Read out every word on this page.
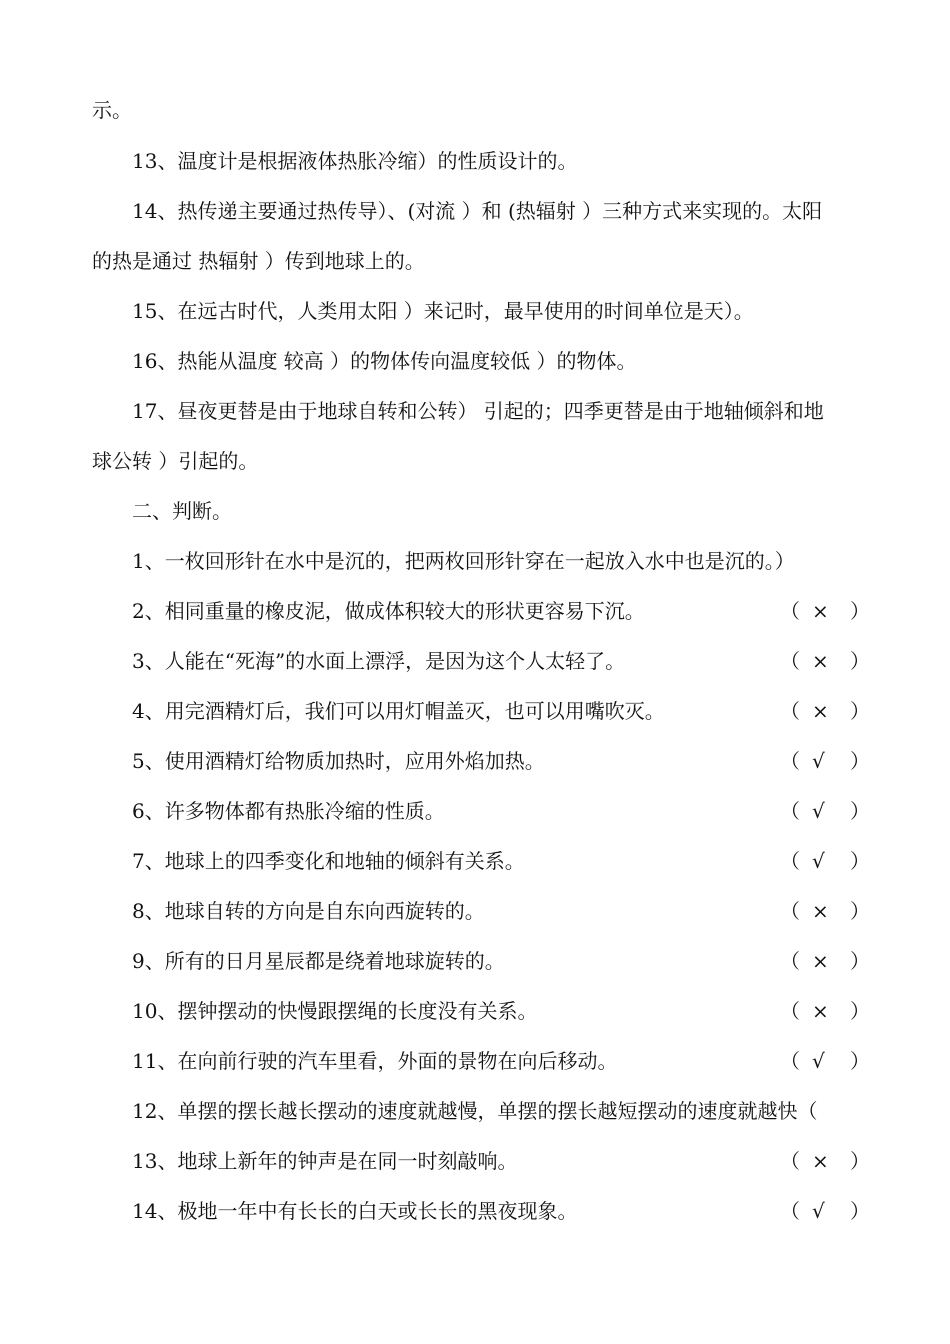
示。
13、温度计是根据液体热胀冷缩）的性质设计的。
14、热传递主要通过热传导）、(对流 ）和 (热辐射 ）三种方式来实现的。太阳
的热是通过 热辐射 ）传到地球上的。
15、在远古时代，人类用太阳 ）来记时，最早使用的时间单位是天）。
16、热能从温度 较高 ）的物体传向温度较低 ）的物体。
17、昼夜更替是由于地球自转和公转） 引起的；四季更替是由于地轴倾斜和地
球公转 ）引起的。
二、判断。
1、一枚回形针在水中是沉的，把两枚回形针穿在一起放入水中也是沉的。）
2、相同重量的橡皮泥，做成体积较大的形状更容易下沉。	（ × ）
3、人能在“死海”的水面上漂浮，是因为这个人太轻了。	（ × ）
4、用完酒精灯后，我们可以用灯帽盖灭，也可以用嘴吹灭。	（ × ）
5、使用酒精灯给物质加热时，应用外焰加热。	（ √ ）
6、许多物体都有热胀冷缩的性质。	（ √ ）
7、地球上的四季变化和地轴的倾斜有关系。	（ √ ）
8、地球自转的方向是自东向西旋转的。	（ × ）
9、所有的日月星辰都是绕着地球旋转的。	（ × ）
10、摆钟摆动的快慢跟摆绳的长度没有关系。	（ × ）
11、在向前行驶的汽车里看，外面的景物在向后移动。	（ √ ）
12、单摆的摆长越长摆动的速度就越慢，单摆的摆长越短摆动的速度就越快（
13、地球上新年的钟声是在同一时刻敲响。	（ × ）
14、极地一年中有长长的白天或长长的黑夜现象。	（ √ ）
